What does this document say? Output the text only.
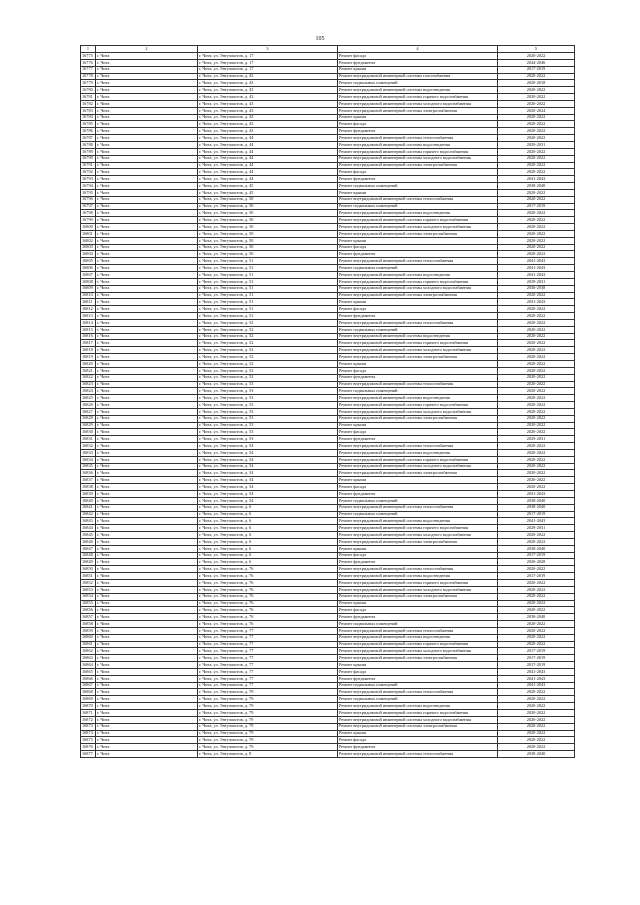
105
1	2	3	4	5
16775	г. Чита	г. Чита, ул. Энтузиастов, д. 17	Ремонт фасада	2020-2022
16776	г. Чита	г. Чита, ул. Энтузиастов, д. 17	Ремонт фундамента	2044-2046
16777	г. Чита	г. Чита, ул. Энтузиастов, д. 17	Ремонт крыши	2017-2019
16778	г. Чита	г. Чита, ул. Энтузиастов, д. 43	Ремонт внутридомовой инженерной системы газоснабжения	2020-2022
16779	г. Чита	г. Чита, ул. Энтузиастов, д. 43	Ремонт подвальных помещений	2020-2018
16780	г. Чита	г. Чита, ул. Энтузиастов, д. 43	Ремонт внутридомовой инженерной системы водоотведения	2020-2022
16781	г. Чита	г. Чита, ул. Энтузиастов, д. 43	Ремонт внутридомовой инженерной системы горячего водоснабжения	2020-2022
16782	г. Чита	г. Чита, ул. Энтузиастов, д. 43	Ремонт внутридомовой инженерной системы холодного водоснабжения	2020-2022
16783	г. Чита	г. Чита, ул. Энтузиастов, д. 43	Ремонт внутридомовой инженерной системы электроснабжения	2020-2024
16784	г. Чита	г. Чита, ул. Энтузиастов, д. 43	Ремонт крыши	2020-2022
16785	г. Чита	г. Чита, ул. Энтузиастов, д. 43	Ремонт фасада	2020-2022
16786	г. Чита	г. Чита, ул. Энтузиастов, д. 43	Ремонт фундамента	2020-2022
16787	г. Чита	г. Чита, ул. Энтузиастов, д. 44	Ремонт внутридомовой инженерной системы теплоснабжения	2020-2022
16788	г. Чита	г. Чита, ул. Энтузиастов, д. 44	Ремонт внутридомовой инженерной системы водоотведения	2029-2031
16789	г. Чита	г. Чита, ул. Энтузиастов, д. 44	Ремонт внутридомовой инженерной системы горячего водоснабжения	2020-2022
16790	г. Чита	г. Чита, ул. Энтузиастов, д. 44	Ремонт внутридомовой инженерной системы холодного водоснабжения	2020-2022
16791	г. Чита	г. Чита, ул. Энтузиастов, д. 44	Ремонт внутридомовой инженерной системы электроснабжения	2020-2022
16792	г. Чита	г. Чита, ул. Энтузиастов, д. 44	Ремонт фасада	2020-2022
16793	г. Чита	г. Чита, ул. Энтузиастов, д. 44	Ремонт фундамента	2041-2043
16794	г. Чита	г. Чита, ул. Энтузиастов, д. 45	Ремонт подвальных помещений	2038-2040
16795	г. Чита	г. Чита, ул. Энтузиастов, д. 45	Ремонт крыши	2020-2022
16796	г. Чита	г. Чита, ул. Энтузиастов, д. 50	Ремонт внутридомовой инженерной системы теплоснабжения	2020-2022
16797	г. Чита	г. Чита, ул. Энтузиастов, д. 50	Ремонт подвальных помещений	2017-2019
16798	г. Чита	г. Чита, ул. Энтузиастов, д. 50	Ремонт внутридомовой инженерной системы водоотведения	2020-2022
16799	г. Чита	г. Чита, ул. Энтузиастов, д. 50	Ремонт внутридомовой инженерной системы горячего водоснабжения	2020-2022
16800	г. Чита	г. Чита, ул. Энтузиастов, д. 50	Ремонт внутридомовой инженерной системы холодного водоснабжения	2020-2022
16801	г. Чита	г. Чита, ул. Энтузиастов, д. 50	Ремонт внутридомовой инженерной системы электроснабжения	2020-2022
16802	г. Чита	г. Чита, ул. Энтузиастов, д. 50	Ремонт крыши	2020-2022
16803	г. Чита	г. Чита, ул. Энтузиастов, д. 50	Ремонт фасада	2020-2022
16804	г. Чита	г. Чита, ул. Энтузиастов, д. 50	Ремонт фундамента	2020-2022
16805	г. Чита	г. Чита, ул. Энтузиастов, д. 51	Ремонт внутридомовой инженерной системы теплоснабжения	2041-2043
16806	г. Чита	г. Чита, ул. Энтузиастов, д. 51	Ремонт подвальных помещений	2041-2043
16807	г. Чита	г. Чита, ул. Энтузиастов, д. 51	Ремонт внутридомовой инженерной системы водоотведения	2041-2043
16808	г. Чита	г. Чита, ул. Энтузиастов, д. 51	Ремонт внутридомовой инженерной системы горячего водоснабжения	2029-2031
16809	г. Чита	г. Чита, ул. Энтузиастов, д. 51	Ремонт внутридомовой инженерной системы холодного водоснабжения	2036-2038
16810	г. Чита	г. Чита, ул. Энтузиастов, д. 51	Ремонт внутридомовой инженерной системы электроснабжения	2020-2022
16811	г. Чита	г. Чита, ул. Энтузиастов, д. 51	Ремонт крыши	2041-2043
16812	г. Чита	г. Чита, ул. Энтузиастов, д. 51	Ремонт фасада	2020-2022
16813	г. Чита	г. Чита, ул. Энтузиастов, д. 51	Ремонт фундамента	2020-2022
16814	г. Чита	г. Чита, ул. Энтузиастов, д. 52	Ремонт внутридомовой инженерной системы теплоснабжения	2020-2022
16815	г. Чита	г. Чита, ул. Энтузиастов, д. 52	Ремонт подвальных помещений	2020-2022
16816	г. Чита	г. Чита, ул. Энтузиастов, д. 52	Ремонт внутридомовой инженерной системы водоотведения	2020-2022
16817	г. Чита	г. Чита, ул. Энтузиастов, д. 52	Ремонт внутридомовой инженерной системы горячего водоснабжения	2020-2022
16818	г. Чита	г. Чита, ул. Энтузиастов, д. 52	Ремонт внутридомовой инженерной системы холодного водоснабжения	2020-2022
16819	г. Чита	г. Чита, ул. Энтузиастов, д. 52	Ремонт внутридомовой инженерной системы электроснабжения	2020-2022
16820	г. Чита	г. Чита, ул. Энтузиастов, д. 52	Ремонт крыши	2020-2022
16821	г. Чита	г. Чита, ул. Энтузиастов, д. 52	Ремонт фасада	2020-2022
16822	г. Чита	г. Чита, ул. Энтузиастов, д. 52	Ремонт фундамента	2020-2022
16823	г. Чита	г. Чита, ул. Энтузиастов, д. 53	Ремонт внутридомовой инженерной системы теплоснабжения	2020-2022
16824	г. Чита	г. Чита, ул. Энтузиастов, д. 53	Ремонт подвальных помещений	2020-2022
16825	г. Чита	г. Чита, ул. Энтузиастов, д. 53	Ремонт внутридомовой инженерной системы водоотведения	2020-2022
16826	г. Чита	г. Чита, ул. Энтузиастов, д. 53	Ремонт внутридомовой инженерной системы горячего водоснабжения	2020-2022
16827	г. Чита	г. Чита, ул. Энтузиастов, д. 53	Ремонт внутридомовой инженерной системы холодного водоснабжения	2020-2022
16828	г. Чита	г. Чита, ул. Энтузиастов, д. 53	Ремонт внутридомовой инженерной системы электроснабжения	2020-2022
16829	г. Чита	г. Чита, ул. Энтузиастов, д. 53	Ремонт крыши	2020-2022
16830	г. Чита	г. Чита, ул. Энтузиастов, д. 53	Ремонт фасада	2020-2022
16831	г. Чита	г. Чита, ул. Энтузиастов, д. 53	Ремонт фундамента	2029-2031
16832	г. Чита	г. Чита, ул. Энтузиастов, д. 54	Ремонт внутридомовой инженерной системы теплоснабжения	2020-2022
16833	г. Чита	г. Чита, ул. Энтузиастов, д. 54	Ремонт внутридомовой инженерной системы водоотведения	2020-2022
16834	г. Чита	г. Чита, ул. Энтузиастов, д. 54	Ремонт внутридомовой инженерной системы горячего водоснабжения	2020-2022
16835	г. Чита	г. Чита, ул. Энтузиастов, д. 54	Ремонт внутридомовой инженерной системы холодного водоснабжения	2020-2022
16836	г. Чита	г. Чита, ул. Энтузиастов, д. 54	Ремонт внутридомовой инженерной системы электроснабжения	2020-2022
16837	г. Чита	г. Чита, ул. Энтузиастов, д. 54	Ремонт крыши	2020-2022
16838	г. Чита	г. Чита, ул. Энтузиастов, д. 54	Ремонт фасада	2020-2022
16839	г. Чита	г. Чита, ул. Энтузиастов, д. 54	Ремонт фундамента	2041-2043
16840	г. Чита	г. Чита, ул. Энтузиастов, д. 54	Ремонт подвальных помещений	2038-2040
16841	г. Чита	г. Чита, ул. Энтузиастов, д. 6	Ремонт внутридомовой инженерной системы теплоснабжения	2038-2040
16842	г. Чита	г. Чита, ул. Энтузиастов, д. 6	Ремонт подвальных помещений	2017-2019
16843	г. Чита	г. Чита, ул. Энтузиастов, д. 6	Ремонт внутридомовой инженерной системы водоотведения	2041-2043
16844	г. Чита	г. Чита, ул. Энтузиастов, д. 6	Ремонт внутридомовой инженерной системы горячего водоснабжения	2029-2031
16845	г. Чита	г. Чита, ул. Энтузиастов, д. 6	Ремонт внутридомовой инженерной системы холодного водоснабжения	2020-2022
16846	г. Чита	г. Чита, ул. Энтузиастов, д. 6	Ремонт внутридомовой инженерной системы электроснабжения	2020-2022
16847	г. Чита	г. Чита, ул. Энтузиастов, д. 6	Ремонт крыши	2038-2040
16848	г. Чита	г. Чита, ул. Энтузиастов, д. 6	Ремонт фасада	2017-2019
16849	г. Чита	г. Чита, ул. Энтузиастов, д. 6	Ремонт фундамента	2026-2028
16850	г. Чита	г. Чита, ул. Энтузиастов, д. 76	Ремонт внутридомовой инженерной системы теплоснабжения	2020-2022
16851	г. Чита	г. Чита, ул. Энтузиастов, д. 76	Ремонт внутридомовой инженерной системы водоотведения	2017-2019
16852	г. Чита	г. Чита, ул. Энтузиастов, д. 76	Ремонт внутридомовой инженерной системы горячего водоснабжения	2020-2022
16853	г. Чита	г. Чита, ул. Энтузиастов, д. 76	Ремонт внутридомовой инженерной системы холодного водоснабжения	2020-2022
16854	г. Чита	г. Чита, ул. Энтузиастов, д. 76	Ремонт внутридомовой инженерной системы электроснабжения	2020-2022
16855	г. Чита	г. Чита, ул. Энтузиастов, д. 76	Ремонт крыши	2020-2022
16856	г. Чита	г. Чита, ул. Энтузиастов, д. 76	Ремонт фасада	2020-2022
16857	г. Чита	г. Чита, ул. Энтузиастов, д. 76	Ремонт фундамента	2038-2040
16858	г. Чита	г. Чита, ул. Энтузиастов, д. 76	Ремонт подвальных помещений	2020-2022
16859	г. Чита	г. Чита, ул. Энтузиастов, д. 77	Ремонт внутридомовой инженерной системы теплоснабжения	2020-2022
16860	г. Чита	г. Чита, ул. Энтузиастов, д. 77	Ремонт внутридомовой инженерной системы водоотведения	2020-2022
16861	г. Чита	г. Чита, ул. Энтузиастов, д. 77	Ремонт внутридомовой инженерной системы горячего водоснабжения	2020-2022
16862	г. Чита	г. Чита, ул. Энтузиастов, д. 77	Ремонт внутридомовой инженерной системы холодного водоснабжения	2017-2019
16863	г. Чита	г. Чита, ул. Энтузиастов, д. 77	Ремонт внутридомовой инженерной системы электроснабжения	2017-2019
16864	г. Чита	г. Чита, ул. Энтузиастов, д. 77	Ремонт крыши	2017-2019
16865	г. Чита	г. Чита, ул. Энтузиастов, д. 77	Ремонт фасада	2041-2043
16866	г. Чита	г. Чита, ул. Энтузиастов, д. 77	Ремонт фундамента	2041-2043
16867	г. Чита	г. Чита, ул. Энтузиастов, д. 77	Ремонт подвальных помещений	2041-2043
16868	г. Чита	г. Чита, ул. Энтузиастов, д. 79	Ремонт внутридомовой инженерной системы теплоснабжения	2020-2022
16869	г. Чита	г. Чита, ул. Энтузиастов, д. 79	Ремонт подвальных помещений	2020-2022
16870	г. Чита	г. Чита, ул. Энтузиастов, д. 79	Ремонт внутридомовой инженерной системы водоотведения	2020-2022
16871	г. Чита	г. Чита, ул. Энтузиастов, д. 79	Ремонт внутридомовой инженерной системы горячего водоснабжения	2020-2022
16872	г. Чита	г. Чита, ул. Энтузиастов, д. 79	Ремонт внутридомовой инженерной системы холодного водоснабжения	2020-2022
16873	г. Чита	г. Чита, ул. Энтузиастов, д. 79	Ремонт внутридомовой инженерной системы электроснабжения	2020-2022
16874	г. Чита	г. Чита, ул. Энтузиастов, д. 79	Ремонт крыши	2020-2022
16875	г. Чита	г. Чита, ул. Энтузиастов, д. 79	Ремонт фасада	2020-2022
16876	г. Чита	г. Чита, ул. Энтузиастов, д. 79	Ремонт фундамента	2020-2022
16877	г. Чита	г. Чита, ул. Энтузиастов, д. 8	Ремонт внутридомовой инженерной системы теплоснабжения	2038-2040
